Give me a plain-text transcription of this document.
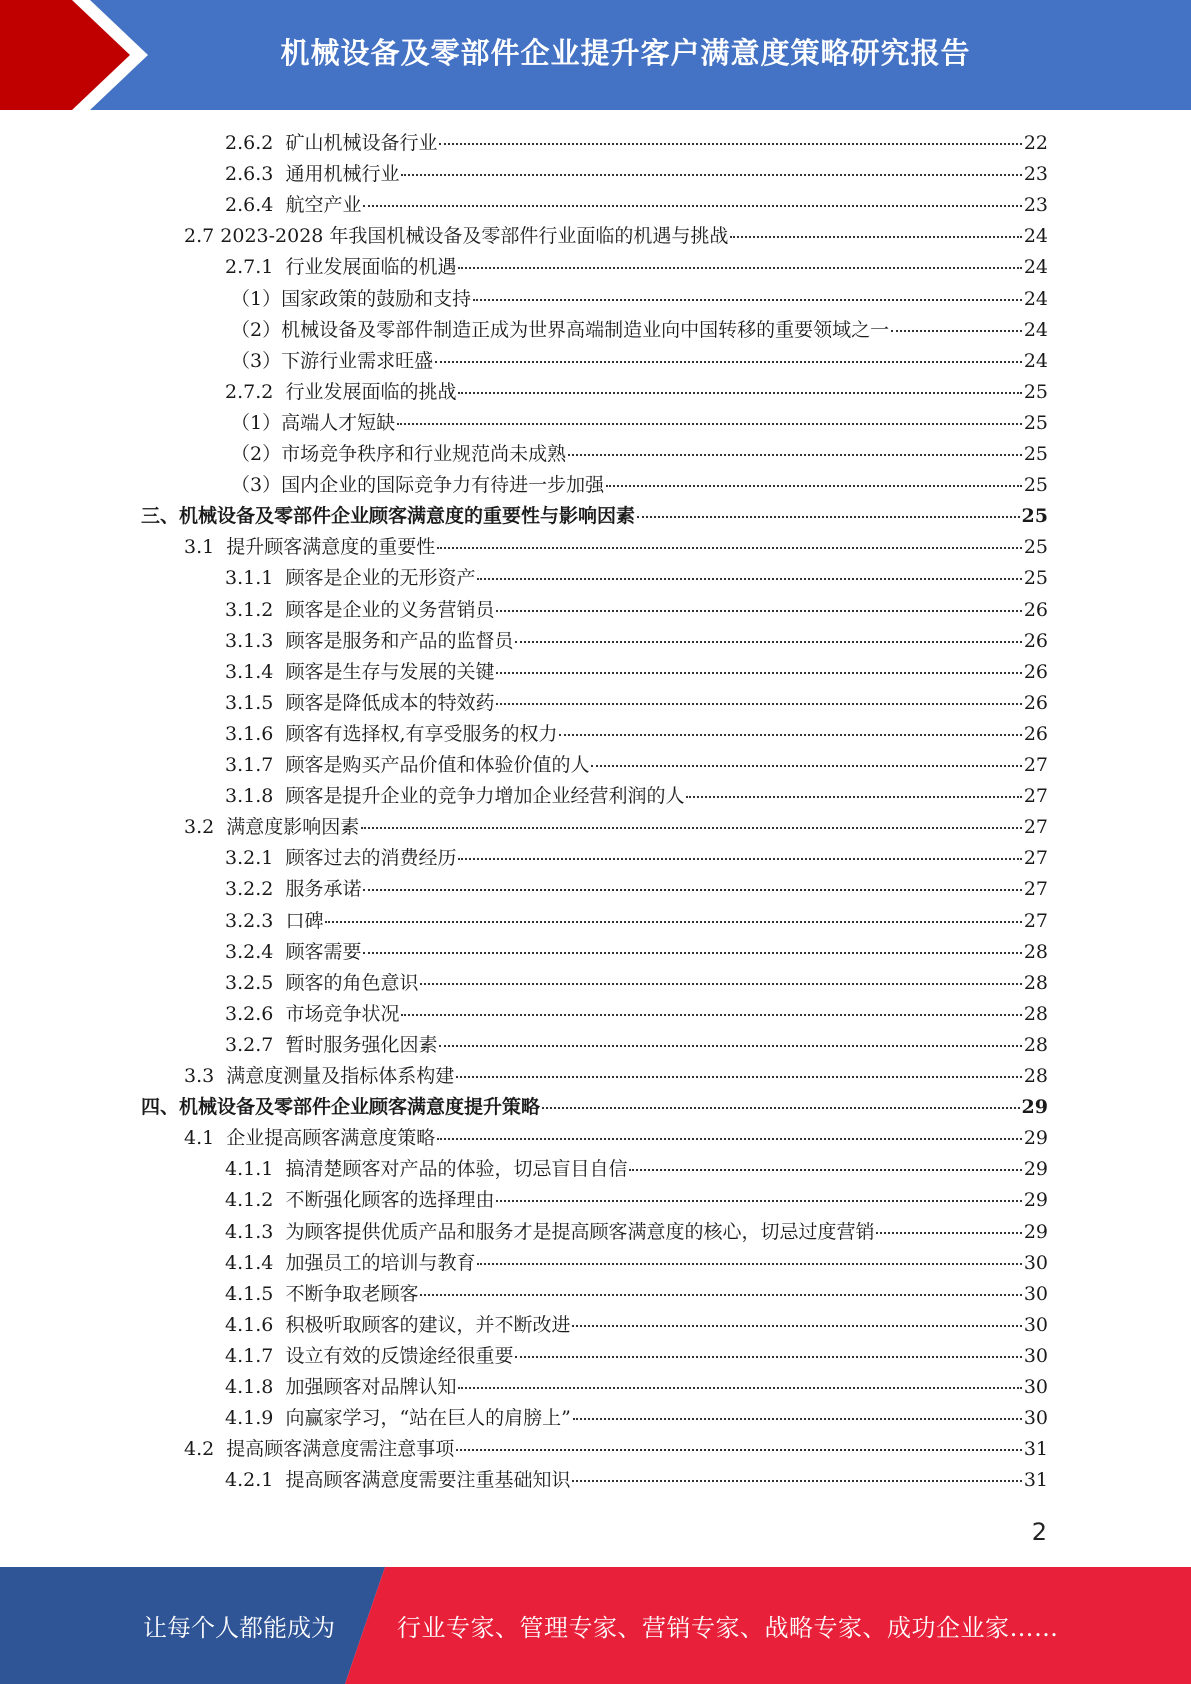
机械设备及零部件企业提升客户满意度策略研究报告
2.6.2 矿山机械设备行业	22
2.6.3 通用机械行业	23
2.6.4 航空产业	23
2.7 2023-2028 年我国机械设备及零部件行业面临的机遇与挑战	24
2.7.1 行业发展面临的机遇	24
（1） 国家政策的鼓励和支持	24
（2） 机械设备及零部件制造正成为世界高端制造业向中国转移的重要领域之一	24
（3） 下游行业需求旺盛	24
2.7.2 行业发展面临的挑战	25
（1） 高端人才短缺	25
（2） 市场竞争秩序和行业规范尚未成熟	25
（3） 国内企业的国际竞争力有待进一步加强	25
三、 机械设备及零部件企业顾客满意度的重要性与影响因素	25
3.1 提升顾客满意度的重要性	25
3.1.1 顾客是企业的无形资产	25
3.1.2 顾客是企业的义务营销员	26
3.1.3 顾客是服务和产品的监督员	26
3.1.4 顾客是生存与发展的关键	26
3.1.5 顾客是降低成本的特效药	26
3.1.6 顾客有选择权,有享受服务的权力	26
3.1.7 顾客是购买产品价值和体验价值的人	27
3.1.8 顾客是提升企业的竞争力增加企业经营利润的人	27
3.2 满意度影响因素	27
3.2.1 顾客过去的消费经历	27
3.2.2 服务承诺	27
3.2.3 口碑	27
3.2.4 顾客需要	28
3.2.5 顾客的角色意识	28
3.2.6 市场竞争状况	28
3.2.7 暂时服务强化因素	28
3.3 满意度测量及指标体系构建	28
四、 机械设备及零部件企业顾客满意度提升策略	29
4.1 企业提高顾客满意度策略	29
4.1.1 搞清楚顾客对产品的体验，切忌盲目自信	29
4.1.2 不断强化顾客的选择理由	29
4.1.3 为顾客提供优质产品和服务才是提高顾客满意度的核心，切忌过度营销	29
4.1.4 加强员工的培训与教育	30
4.1.5 不断争取老顾客	30
4.1.6 积极听取顾客的建议，并不断改进	30
4.1.7 设立有效的反馈途经很重要	30
4.1.8 加强顾客对品牌认知	30
4.1.9 向赢家学习，“站在巨人的肩膀上”	30
4.2 提高顾客满意度需注意事项	31
4.2.1 提高顾客满意度需要注重基础知识	31
2
让每个人都能成为	行业专家、管理专家、营销专家、战略专家、成功企业家……
